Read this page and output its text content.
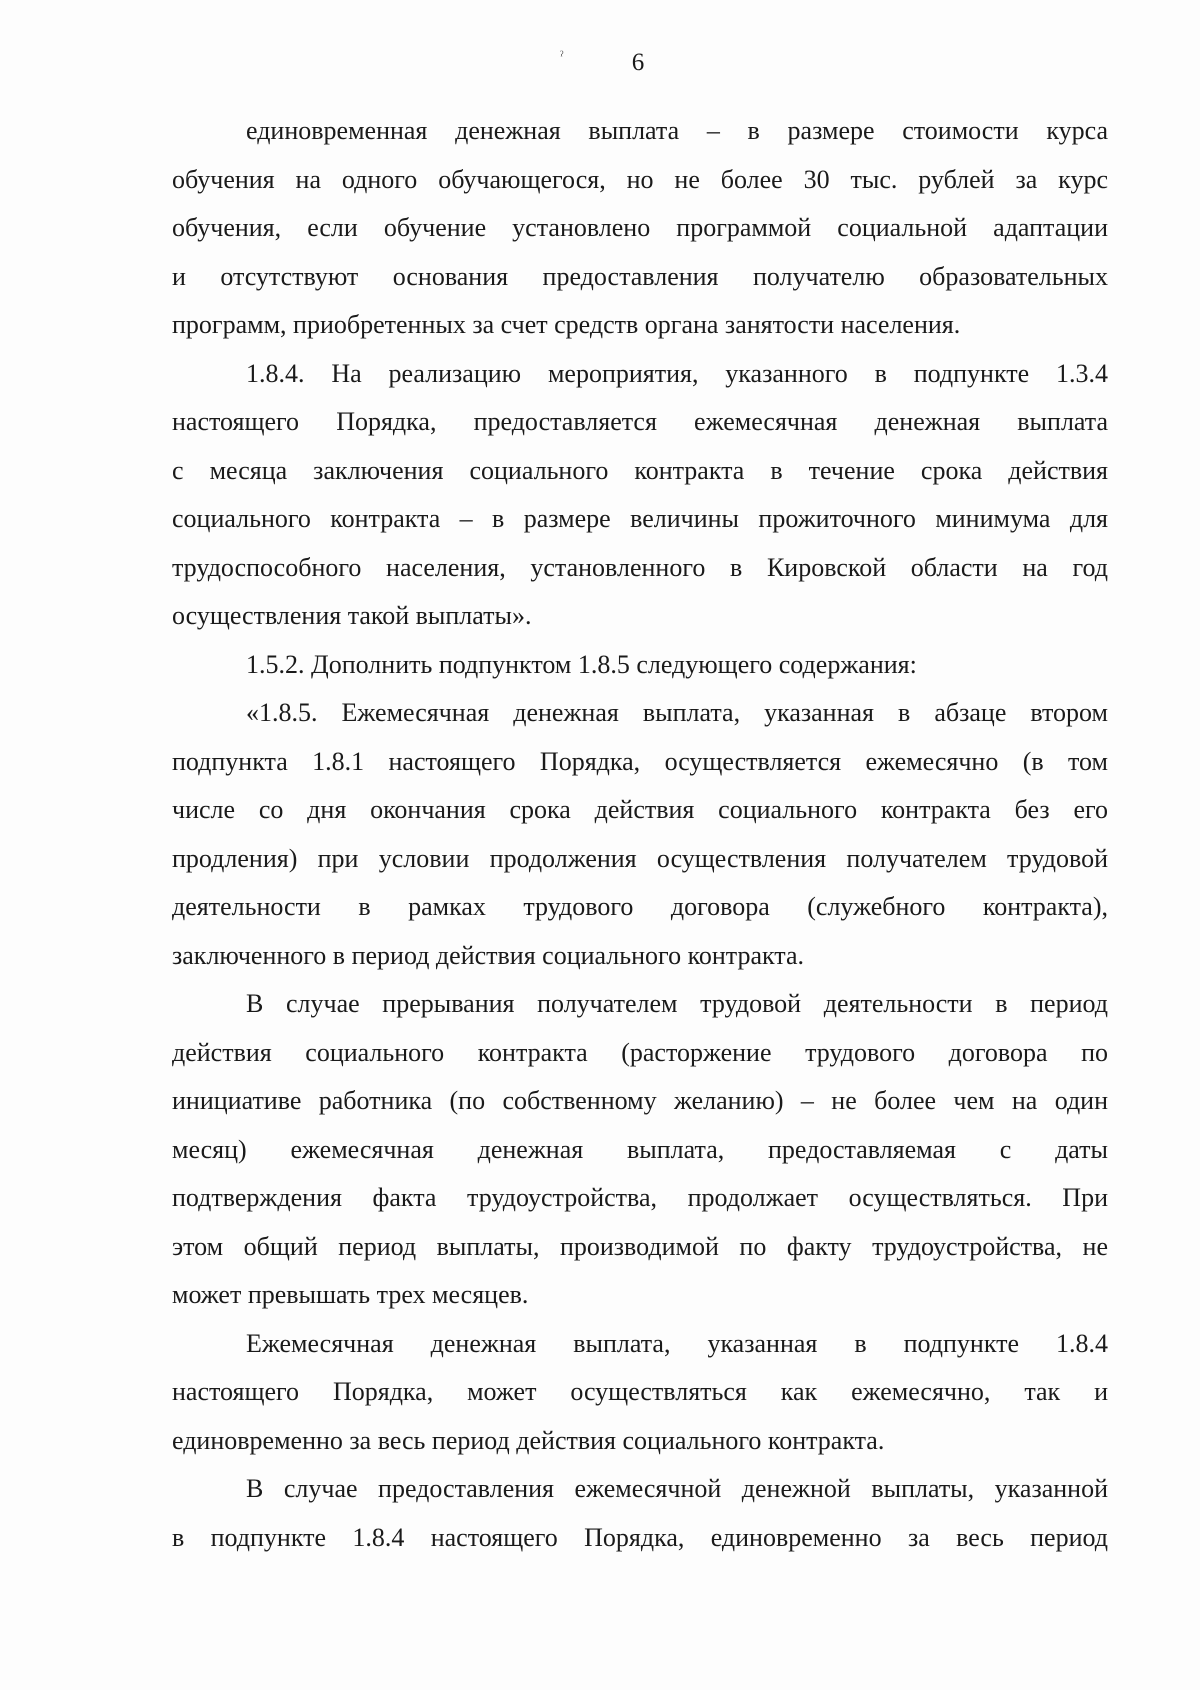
ˀ	6

единовременная денежная выплата – в размере стоимости курса

обучения на одного обучающегося, но не более 30 тыс. рублей за курс

обучения, если обучение установлено программой социальной адаптации

и отсутствуют основания предоставления получателю образовательных

программ, приобретенных за счет средств органа занятости населения.

1.8.4. На реализацию мероприятия, указанного в подпункте 1.3.4

настоящего Порядка, предоставляется ежемесячная денежная выплата

с месяца заключения социального контракта в течение срока действия

социального контракта – в размере величины прожиточного минимума для

трудоспособного населения, установленного в Кировской области на год

осуществления такой выплаты».

1.5.2. Дополнить подпунктом 1.8.5 следующего содержания:

«1.8.5. Ежемесячная денежная выплата, указанная в абзаце втором

подпункта 1.8.1 настоящего Порядка, осуществляется ежемесячно (в том

числе со дня окончания срока действия социального контракта без его

продления) при условии продолжения осуществления получателем трудовой

деятельности в рамках трудового договора (служебного контракта),

заключенного в период действия социального контракта.

В случае прерывания получателем трудовой деятельности в период

действия социального контракта (расторжение трудового договора по

инициативе работника (по собственному желанию) – не более чем на один

месяц) ежемесячная денежная выплата, предоставляемая с даты

подтверждения факта трудоустройства, продолжает осуществляться. При

этом общий период выплаты, производимой по факту трудоустройства, не

может превышать трех месяцев.

Ежемесячная денежная выплата, указанная в подпункте 1.8.4

настоящего Порядка, может осуществляться как ежемесячно, так и

единовременно за весь период действия социального контракта.

В случае предоставления ежемесячной денежной выплаты, указанной

в подпункте 1.8.4 настоящего Порядка, единовременно за весь период
